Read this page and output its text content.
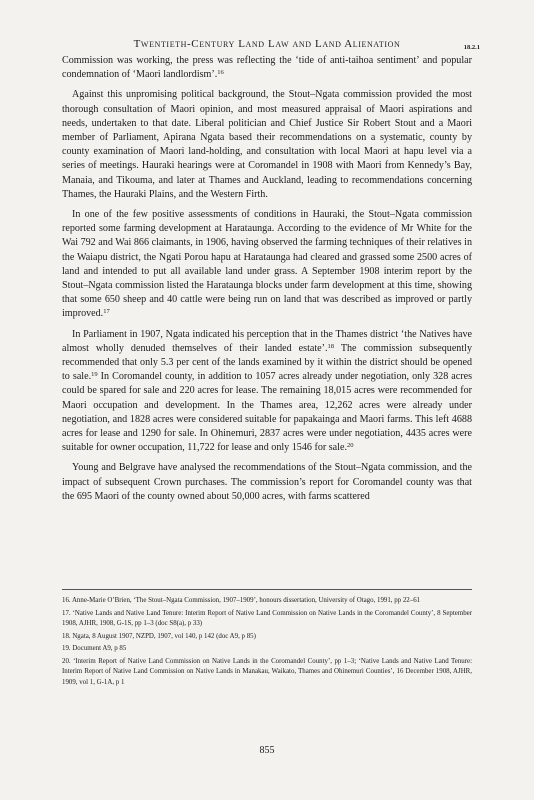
Twentieth-Century Land Law and Land Alienation	18.2.1

Commission was working, the press was reflecting the ‘tide of anti-taihoa sentiment’ and popular condemnation of ‘Maori landlordism’.$^{16}$

Against this unpromising political background, the Stout–Ngata commission provided the most thorough consultation of Maori opinion, and most measured appraisal of Maori aspirations and needs, undertaken to that date. Liberal politician and Chief Justice Sir Robert Stout and a Maori member of Parliament, Apirana Ngata based their recommendations on a systematic, county by county examination of Maori land-holding, and consultation with local Maori at hapu level via a series of meetings. Hauraki hearings were at Coromandel in 1908 with Maori from Kennedy’s Bay, Manaia, and Tikouma, and later at Thames and Auckland, leading to recommendations concerning Thames, the Hauraki Plains, and the Western Firth.

In one of the few positive assessments of conditions in Hauraki, the Stout–Ngata commission reported some farming development at Harataunga. According to the evidence of Mr White for the Wai 792 and Wai 866 claimants, in 1906, having observed the farming techniques of their relatives in the Waiapu district, the Ngati Porou hapu at Harataunga had cleared and grassed some 2500 acres of land and intended to put all available land under grass. A September 1908 interim report by the Stout–Ngata commission listed the Harataunga blocks under farm development at this time, showing that some 650 sheep and 40 cattle were being run on land that was described as improved or partly improved.$^{17}$

In Parliament in 1907, Ngata indicated his perception that in the Thames district ‘the Natives have almost wholly denuded themselves of their landed estate’.$^{18}$ The commission subsequently recommended that only 5.3 per cent of the lands examined by it within the district should be opened to sale.$^{19}$ In Coromandel county, in addition to 1057 acres already under negotiation, only 328 acres could be spared for sale and 220 acres for lease. The remaining 18,015 acres were recommended for Maori occupation and development. In the Thames area, 12,262 acres were already under negotiation, and 1828 acres were considered suitable for papakainga and Maori farms. This left 4688 acres for lease and 1290 for sale. In Ohinemuri, 2837 acres were under negotiation, 4435 acres were suitable for owner occupation, 11,722 for lease and only 1546 for sale.$^{20}$

Young and Belgrave have analysed the recommendations of the Stout–Ngata commission, and the impact of subsequent Crown purchases. The commission’s report for Coromandel county was that the 695 Maori of the county owned about 50,000 acres, with farms scattered

16. Anne-Marie O’Brien, ‘The Stout–Ngata Commission, 1907–1909’, honours dissertation, University of Otago, 1991, pp 22–61
17. ‘Native Lands and Native Land Tenure: Interim Report of Native Land Commission on Native Lands in the Coromandel County’, 8 September 1908, AJHR, 1908, G-1S, pp 1–3 (doc S8(a), p 33)
18. Ngata, 8 August 1907, NZPD, 1907, vol 140, p 142 (doc A9, p 85)
19. Document A9, p 85
20. ‘Interim Report of Native Land Commission on Native Lands in the Coromandel County’, pp 1–3; ‘Native Lands and Native Land Tenure: Interim Report of Native Land Commission on Native Lands in Manakau, Waikato, Thames and Ohinemuri Counties’, 16 December 1908, AJHR, 1909, vol 1, G-1A, p 1
855
